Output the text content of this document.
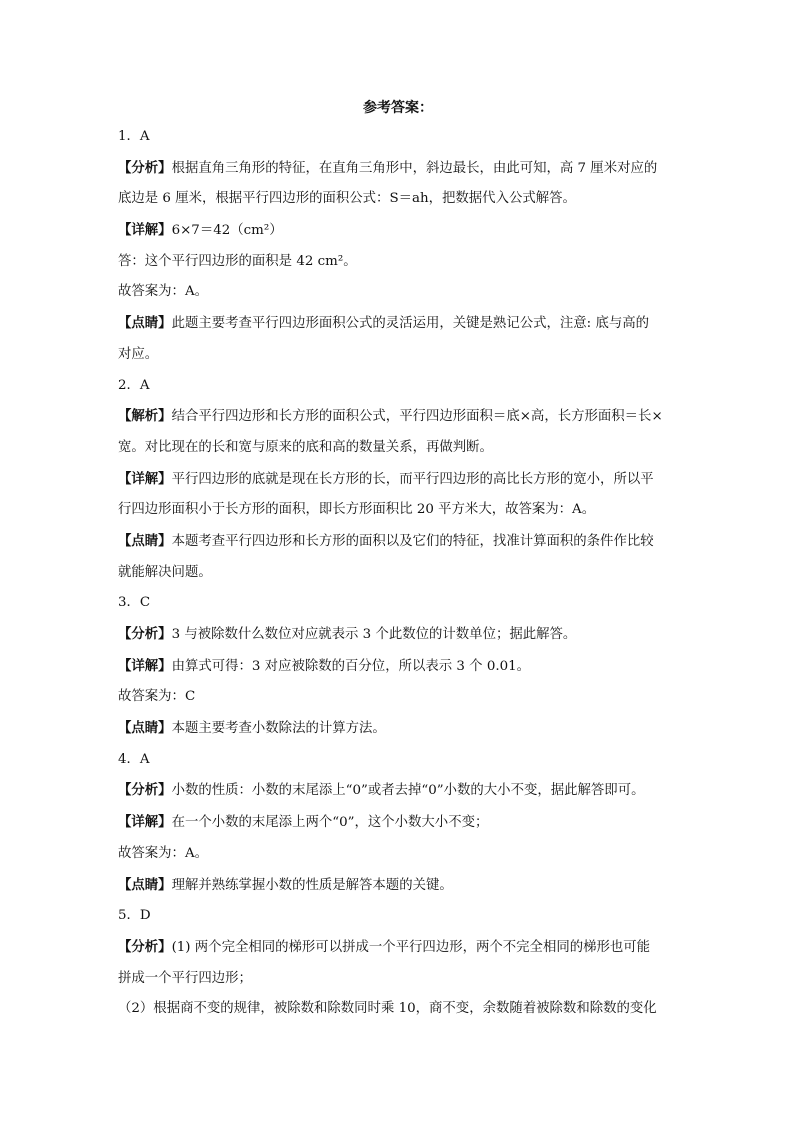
参考答案：
1．A
【分析】根据直角三角形的特征，在直角三角形中，斜边最长，由此可知，高 7 厘米对应的
底边是 6 厘米，根据平行四边形的面积公式：S＝ah，把数据代入公式解答。
【详解】6×7＝42（cm²）
答：这个平行四边形的面积是 42 cm²。
故答案为：A。
【点睛】此题主要考查平行四边形面积公式的灵活运用，关键是熟记公式，注意: 底与高的
对应。
2．A
【解析】结合平行四边形和长方形的面积公式，平行四边形面积＝底×高，长方形面积＝长×
宽。对比现在的长和宽与原来的底和高的数量关系，再做判断。
【详解】平行四边形的底就是现在长方形的长，而平行四边形的高比长方形的宽小，所以平
行四边形面积小于长方形的面积，即长方形面积比 20 平方米大，故答案为：A。
【点睛】本题考查平行四边形和长方形的面积以及它们的特征，找准计算面积的条件作比较
就能解决问题。
3．C
【分析】3 与被除数什么数位对应就表示 3 个此数位的计数单位；据此解答。
【详解】由算式可得：3 对应被除数的百分位，所以表示 3 个 0.01。
故答案为：C
【点睛】本题主要考查小数除法的计算方法。
4．A
【分析】小数的性质：小数的末尾添上“0”或者去掉“0”小数的大小不变，据此解答即可。
【详解】在一个小数的末尾添上两个“0”，这个小数大小不变；
故答案为：A。
【点睛】理解并熟练掌握小数的性质是解答本题的关键。
5．D
【分析】(1) 两个完全相同的梯形可以拼成一个平行四边形，两个不完全相同的梯形也可能
拼成一个平行四边形；
（2）根据商不变的规律，被除数和除数同时乘 10，商不变，余数随着被除数和除数的变化
